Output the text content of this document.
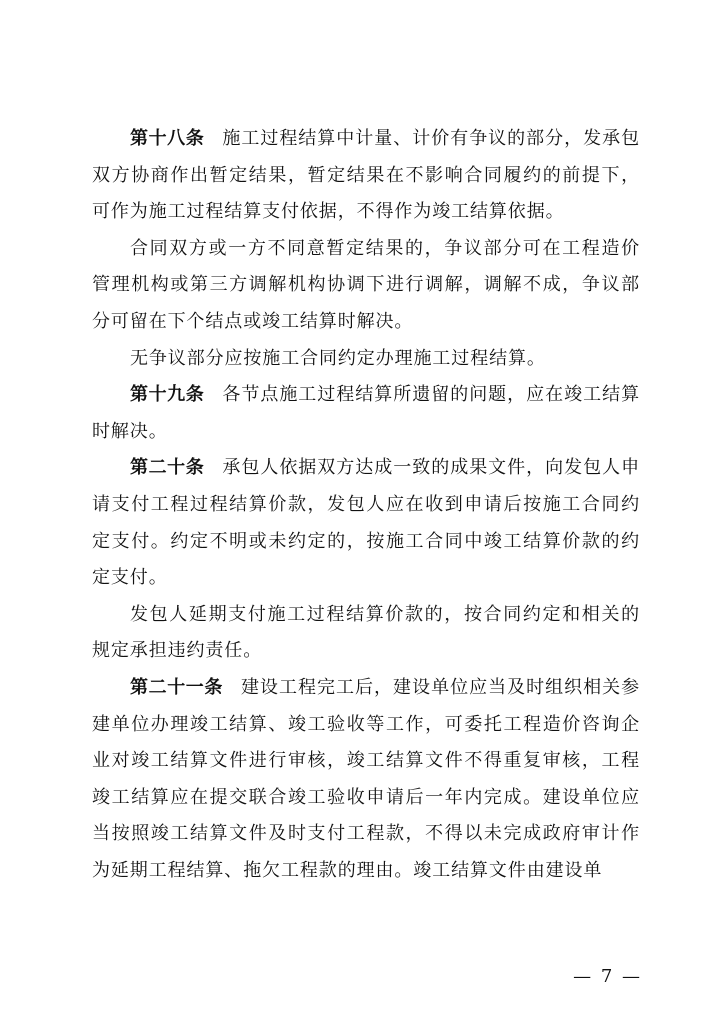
第十八条 施工过程结算中计量、计价有争议的部分，发承包双方协商作出暂定结果，暂定结果在不影响合同履约的前提下，可作为施工过程结算支付依据，不得作为竣工结算依据。

合同双方或一方不同意暂定结果的，争议部分可在工程造价管理机构或第三方调解机构协调下进行调解，调解不成，争议部分可留在下个结点或竣工结算时解决。

无争议部分应按施工合同约定办理施工过程结算。

第十九条 各节点施工过程结算所遗留的问题，应在竣工结算时解决。

第二十条 承包人依据双方达成一致的成果文件，向发包人申请支付工程过程结算价款，发包人应在收到申请后按施工合同约定支付。约定不明或未约定的，按施工合同中竣工结算价款的约定支付。

发包人延期支付施工过程结算价款的，按合同约定和相关的规定承担违约责任。

第二十一条 建设工程完工后，建设单位应当及时组织相关参建单位办理竣工结算、竣工验收等工作，可委托工程造价咨询企业对竣工结算文件进行审核，竣工结算文件不得重复审核，工程竣工结算应在提交联合竣工验收申请后一年内完成。建设单位应当按照竣工结算文件及时支付工程款，不得以未完成政府审计作为延期工程结算、拖欠工程款的理由。竣工结算文件由建设单

— 7 —
